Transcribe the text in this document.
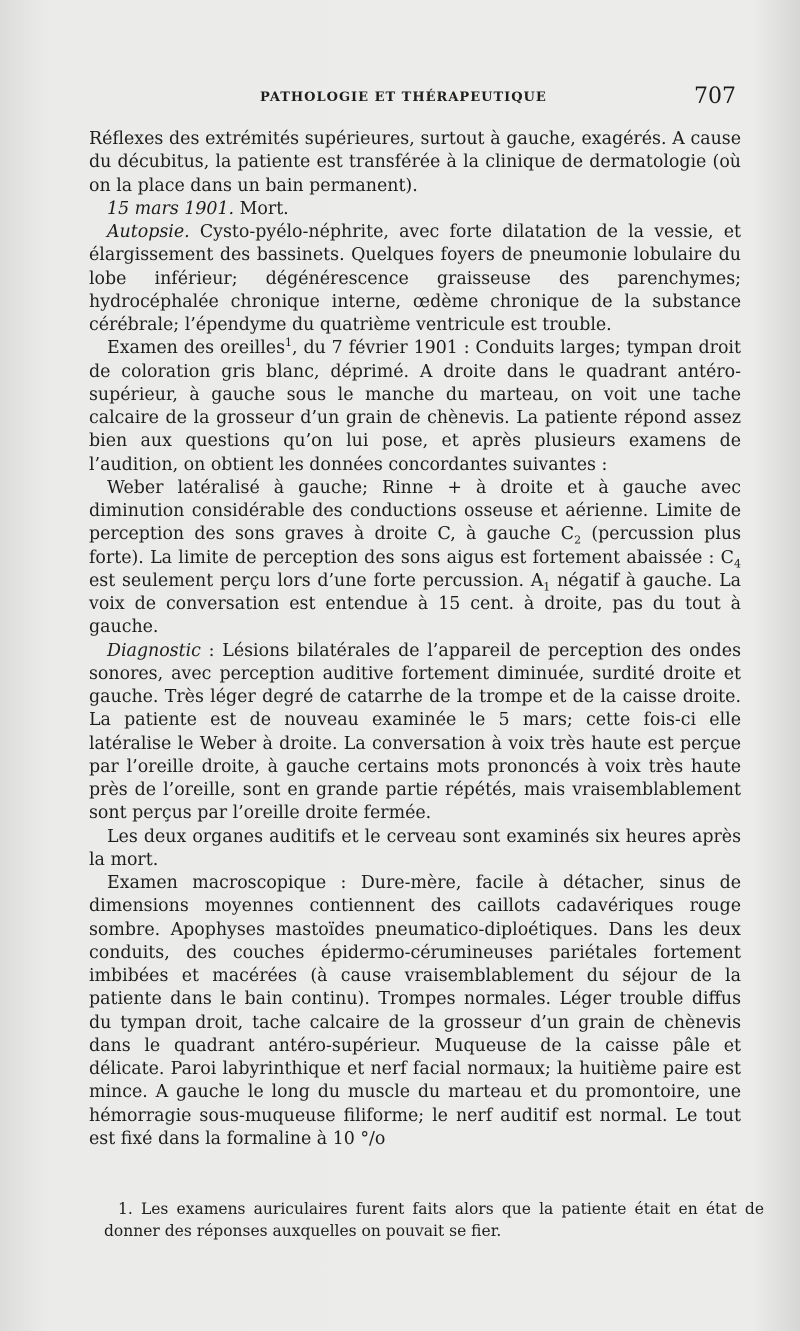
PATHOLOGIE ET THÉRAPEUTIQUE	707

Réflexes des extrémités supérieures, surtout à gauche, exagérés. A cause du décubitus, la patiente est transférée à la clinique de dermatologie (où on la place dans un bain permanent).

15 mars 1901. Mort.

Autopsie. Cysto-pyélo-néphrite, avec forte dilatation de la vessie, et élargissement des bassinets. Quelques foyers de pneumonie lobulaire du lobe inférieur; dégénérescence graisseuse des parenchymes; hydrocéphalée chronique interne, œdème chronique de la substance cérébrale; l’épendyme du quatrième ventricule est trouble.

Examen des oreilles$^1$, du 7 février 1901 : Conduits larges; tympan droit de coloration gris blanc, déprimé. A droite dans le quadrant antéro-supérieur, à gauche sous le manche du marteau, on voit une tache calcaire de la grosseur d’un grain de chènevis. La patiente répond assez bien aux questions qu’on lui pose, et après plusieurs examens de l’audition, on obtient les données concordantes suivantes :

Weber latéralisé à gauche; Rinne + à droite et à gauche avec diminution considérable des conductions osseuse et aérienne. Limite de perception des sons graves à droite C, à gauche $C_2$ (percussion plus forte). La limite de perception des sons aigus est fortement abaissée : $C_4$ est seulement perçu lors d’une forte percussion. $A_1$ négatif à gauche. La voix de conversation est entendue à 15 cent. à droite, pas du tout à gauche.

Diagnostic : Lésions bilatérales de l’appareil de perception des ondes sonores, avec perception auditive fortement diminuée, surdité droite et gauche. Très léger degré de catarrhe de la trompe et de la caisse droite. La patiente est de nouveau examinée le 5 mars; cette fois-ci elle latéralise le Weber à droite. La conversation à voix très haute est perçue par l’oreille droite, à gauche certains mots prononcés à voix très haute près de l’oreille, sont en grande partie répétés, mais vraisemblablement sont perçus par l’oreille droite fermée.

Les deux organes auditifs et le cerveau sont examinés six heures après la mort.

Examen macroscopique : Dure-mère, facile à détacher, sinus de dimensions moyennes contiennent des caillots cadavériques rouge sombre. Apophyses mastoïdes pneumatico-diploétiques. Dans les deux conduits, des couches épidermo-cérumineuses pariétales fortement imbibées et macérées (à cause vraisemblablement du séjour de la patiente dans le bain continu). Trompes normales. Léger trouble diffus du tympan droit, tache calcaire de la grosseur d’un grain de chènevis dans le quadrant antéro-supérieur. Muqueuse de la caisse pâle et délicate. Paroi labyrinthique et nerf facial normaux; la huitième paire est mince. A gauche le long du muscle du marteau et du promontoire, une hémorragie sous-muqueuse filiforme; le nerf auditif est normal. Le tout est fixé dans la formaline à 10 °/o

1. Les examens auriculaires furent faits alors que la patiente était en état de donner des réponses auxquelles on pouvait se fier.
